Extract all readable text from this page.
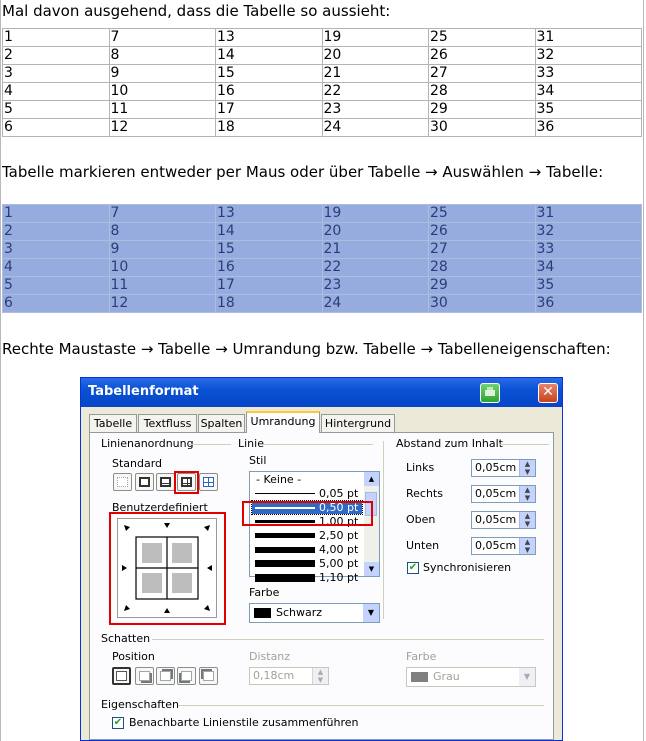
Mal davon ausgehend, dass die Tabelle so aussieht:
1	7	13	19	25	31
2	8	14	20	26	32
3	9	15	21	27	33
4	10	16	22	28	34
5	11	17	23	29	35
6	12	18	24	30	36
Tabelle markieren entweder per Maus oder über Tabelle → Auswählen → Tabelle:
1	7	13	19	25	31
2	8	14	20	26	32
3	9	15	21	27	33
4	10	16	22	28	34
5	11	17	23	29	35
6	12	18	24	30	36
Rechte Maustaste → Tabelle → Umrandung bzw. Tabelle → Tabelleneigenschaften:
Tabellenformat	✕
Tabelle	Textfluss Spalten Umrandung Hintergrund
Linienanordnung
Standard
Benutzerdefiniert
Linie
Stil
- Keine -
0,05 pt
0,50 pt
1,00 pt
2,50 pt
4,00 pt
5,00 pt
1,10 pt
▲
▼
Farbe
Schwarz	▼
Abstand zum Inhalt
Links	0,05cm	▲
▼
Rechts	0,05cm	▲
▼
Oben	0,05cm	▲
▼
Unten	0,05cm	▲
▼
✔ Synchronisieren
Schatten
Position	Distanz
0,18cm	▲
▼
Farbe
Grau	▼
Eigenschaften
✔ Benachbarte Linienstile zusammenführen
